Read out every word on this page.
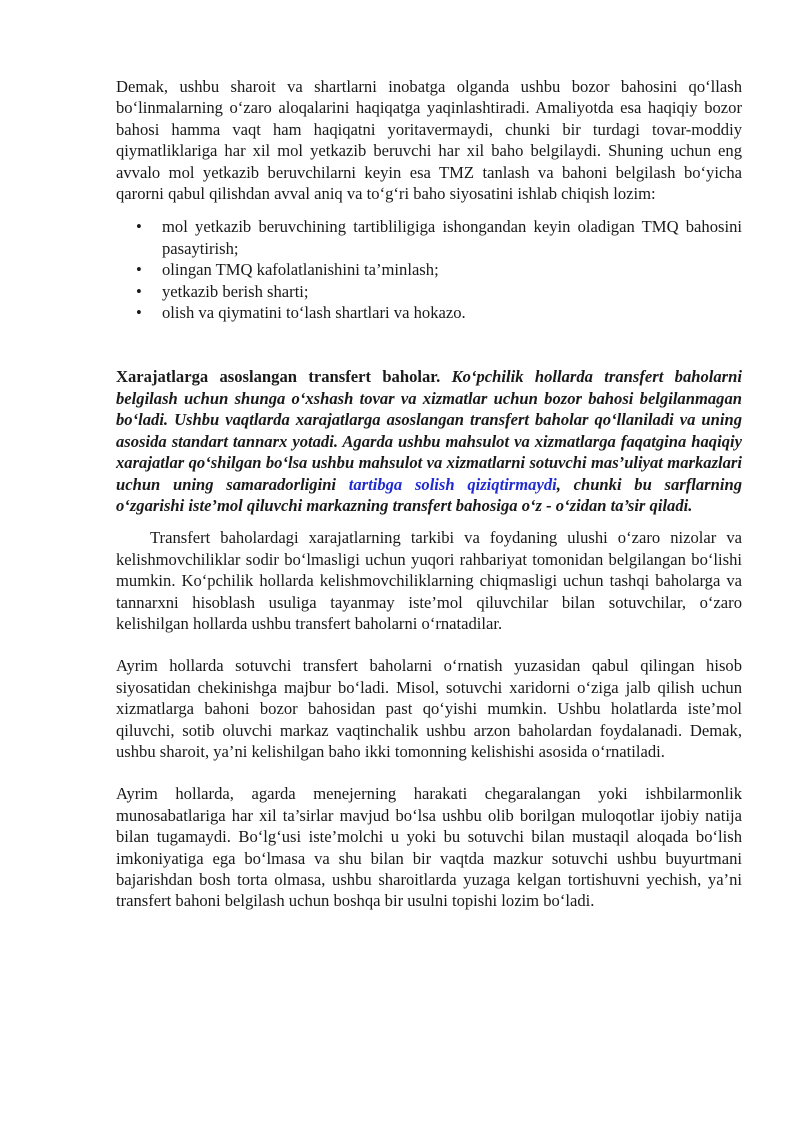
Demak, ushbu sharoit va shartlarni inobatga olganda ushbu bozor bahosini qo‘llash bo‘linmalarning o‘zaro aloqalarini haqiqatga yaqinlashtiradi. Amaliyotda esa haqiqiy bozor bahosi hamma vaqt ham haqiqatni yoritavermaydi, chunki bir turdagi tovar-moddiy qiymatliklariga har xil mol yetkazib beruvchi har xil baho belgilaydi. Shuning uchun eng avvalo mol yetkazib beruvchilarni keyin esa TMZ tanlash va bahoni belgilash bo‘yicha qarorni qabul qilishdan avval aniq va to‘g‘ri baho siyosatini ishlab chiqish lozim:

• mol yetkazib beruvchining tartibliligiga ishongandan keyin oladigan TMQ bahosini pasaytirish;
• olingan TMQ kafolatlanishini ta’minlash;
• yetkazib berish sharti;
• olish va qiymatini to‘lash shartlari va hokazo.

Xarajatlarga asoslangan transfert baholar. Ko‘pchilik hollarda transfert baholarni belgilash uchun shunga o‘xshash tovar va xizmatlar uchun bozor bahosi belgilanmagan bo‘ladi. Ushbu vaqtlarda xarajatlarga asoslangan transfert baholar qo‘llaniladi va uning asosida standart tannarx yotadi. Agarda ushbu mahsulot va xizmatlarga faqatgina haqiqiy xarajatlar qo‘shilgan bo‘lsa ushbu mahsulot va xizmatlarni sotuvchi mas’uliyat markazlari uchun uning samaradorligini tartibga solish qiziqtirmaydi, chunki bu sarflarning o‘zgarishi iste’mol qiluvchi markazning transfert bahosiga o‘z - o‘zidan ta’sir qiladi.

Transfert baholardagi xarajatlarning tarkibi va foydaning ulushi o‘zaro nizolar va kelishmovchiliklar sodir bo‘lmasligi uchun yuqori rahbariyat tomonidan belgilangan bo‘lishi mumkin. Ko‘pchilik hollarda kelishmovchiliklarning chiqmasligi uchun tashqi baholarga va tannarxni hisoblash usuliga tayanmay iste’mol qiluvchilar bilan sotuvchilar, o‘zaro kelishilgan hollarda ushbu transfert baholarni o‘rnatadilar.

Ayrim hollarda sotuvchi transfert baholarni o‘rnatish yuzasidan qabul qilingan hisob siyosatidan chekinishga majbur bo‘ladi. Misol, sotuvchi xaridorni o‘ziga jalb qilish uchun xizmatlarga bahoni bozor bahosidan past qo‘yishi mumkin. Ushbu holatlarda iste’mol qiluvchi, sotib oluvchi markaz vaqtinchalik ushbu arzon baholardan foydalanadi. Demak, ushbu sharoit, ya’ni kelishilgan baho ikki tomonning kelishishi asosida o‘rnatiladi.

Ayrim hollarda, agarda menejerning harakati chegaralangan yoki ishbilarmonlik munosabatlariga har xil ta’sirlar mavjud bo‘lsa ushbu olib borilgan muloqotlar ijobiy natija bilan tugamaydi. Bo‘lg‘usi iste’molchi u yoki bu sotuvchi bilan mustaqil aloqada bo‘lish imkoniyatiga ega bo‘lmasa va shu bilan bir vaqtda mazkur sotuvchi ushbu buyurtmani bajarishdan bosh torta olmasa, ushbu sharoitlarda yuzaga kelgan tortishuvni yechish, ya’ni transfert bahoni belgilash uchun boshqa bir usulni topishi lozim bo‘ladi.
